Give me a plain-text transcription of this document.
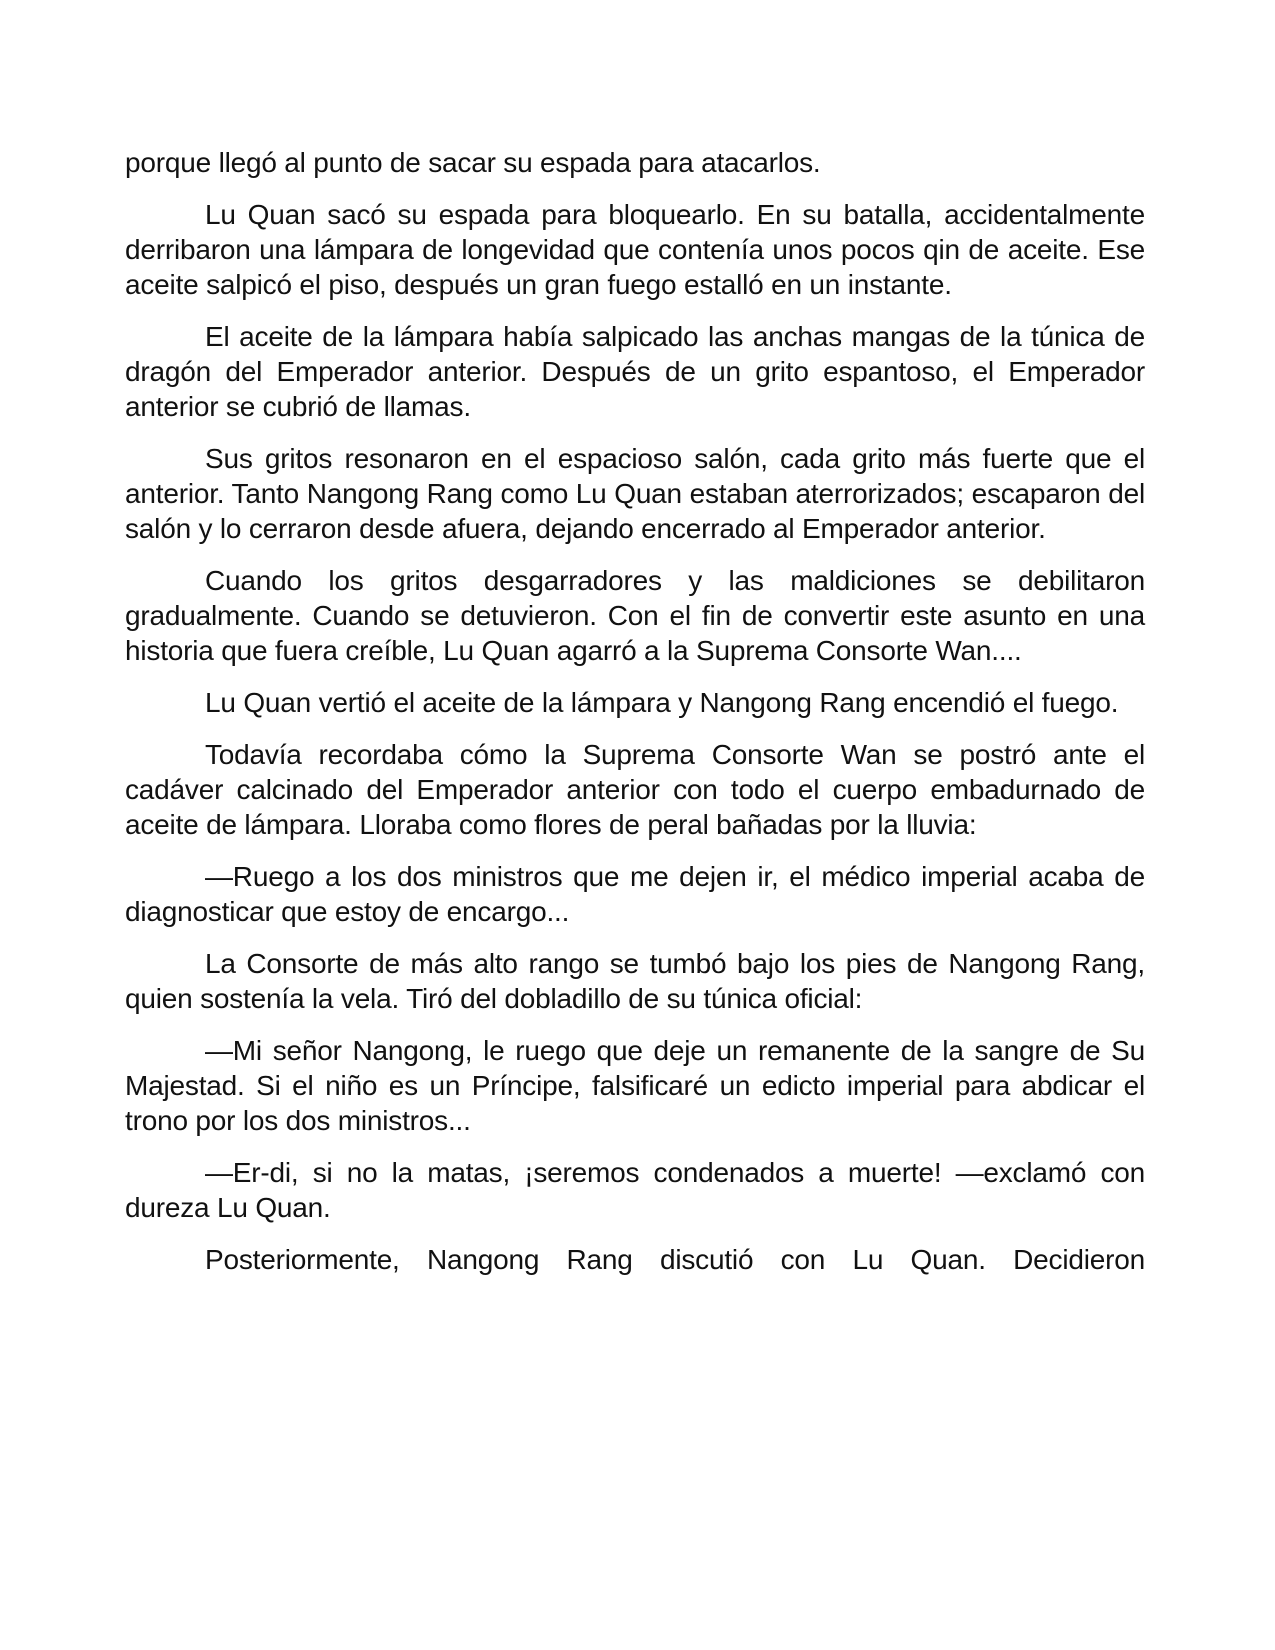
porque llegó al punto de sacar su espada para atacarlos.

Lu Quan sacó su espada para bloquearlo. En su batalla, accidentalmente derribaron una lámpara de longevidad que contenía unos pocos qin de aceite. Ese aceite salpicó el piso, después un gran fuego estalló en un instante.

El aceite de la lámpara había salpicado las anchas mangas de la túnica de dragón del Emperador anterior. Después de un grito espantoso, el Emperador anterior se cubrió de llamas.

Sus gritos resonaron en el espacioso salón, cada grito más fuerte que el anterior. Tanto Nangong Rang como Lu Quan estaban aterrorizados; escaparon del salón y lo cerraron desde afuera, dejando encerrado al Emperador anterior.

Cuando los gritos desgarradores y las maldiciones se debilitaron gradualmente. Cuando se detuvieron. Con el fin de convertir este asunto en una historia que fuera creíble, Lu Quan agarró a la Suprema Consorte Wan....

Lu Quan vertió el aceite de la lámpara y Nangong Rang encendió el fuego.

Todavía recordaba cómo la Suprema Consorte Wan se postró ante el cadáver calcinado del Emperador anterior con todo el cuerpo embadurnado de aceite de lámpara. Lloraba como flores de peral bañadas por la lluvia:

—Ruego a los dos ministros que me dejen ir, el médico imperial acaba de diagnosticar que estoy de encargo...

La Consorte de más alto rango se tumbó bajo los pies de Nangong Rang, quien sostenía la vela. Tiró del dobladillo de su túnica oficial:

—Mi señor Nangong, le ruego que deje un remanente de la sangre de Su Majestad. Si el niño es un Príncipe, falsificaré un edicto imperial para abdicar el trono por los dos ministros...

—Er-di, si no la matas, ¡seremos condenados a muerte! —exclamó con dureza Lu Quan.

Posteriormente, Nangong Rang discutió con Lu Quan. Decidieron
